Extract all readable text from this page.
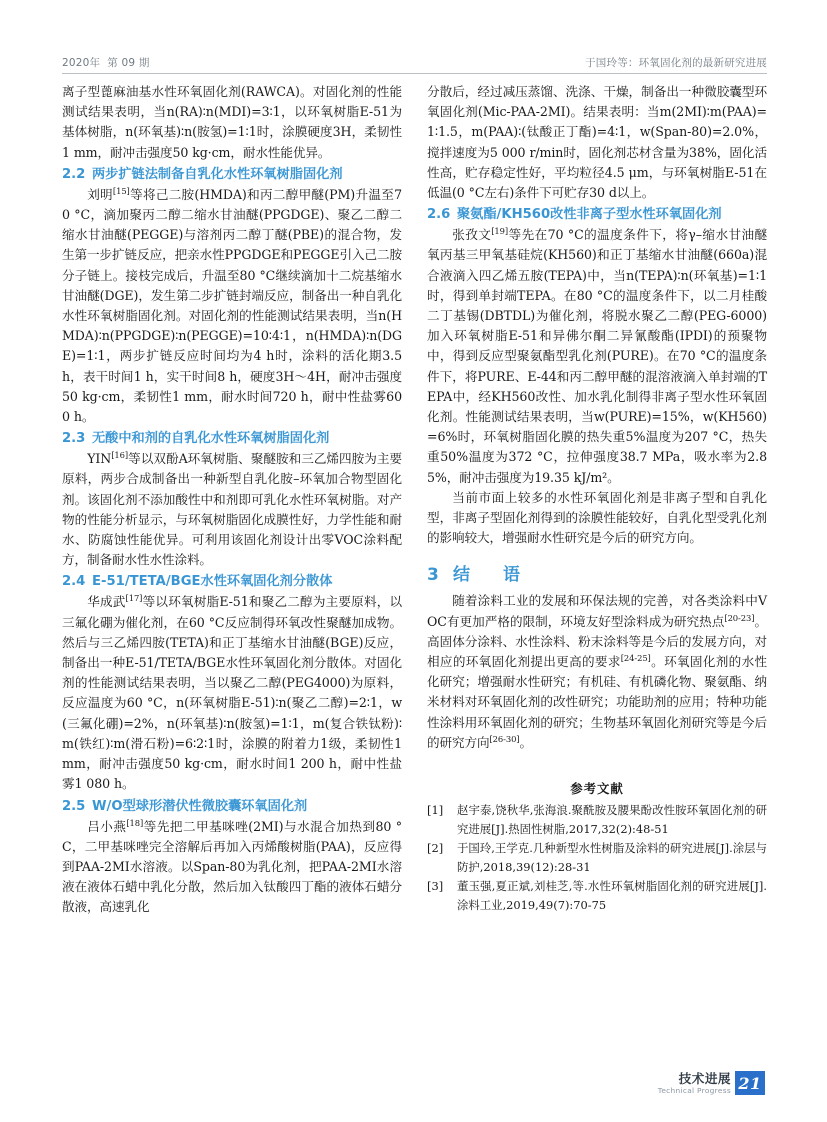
2020年  第 09 期	于国玲等：环氧固化剂的最新研究进展

离子型蓖麻油基水性环氧固化剂(RAWCA)。对固化剂的性能测试结果表明，当n(RA)∶n(MDI)=3∶1，以环氧树脂E-51为基体树脂，n(环氧基)∶n(胺氢)=1∶1时，涂膜硬度3H，柔韧性1 mm，耐冲击强度50 kg·cm，耐水性能优异。

2.2 两步扩链法制备自乳化水性环氧树脂固化剂

刘明[15]等将己二胺(HMDA)和丙二醇甲醚(PM)升温至70 °C，滴加聚丙二醇二缩水甘油醚(PPGDGE)、聚乙二醇二缩水甘油醚(PEGGE)与溶剂丙二醇丁醚(PBE)的混合物，发生第一步扩链反应，把亲水性PPGDGE和PEGGE引入己二胺分子链上。接枝完成后，升温至80 °C继续滴加十二烷基缩水甘油醚(DGE)，发生第二步扩链封端反应，制备出一种自乳化水性环氧树脂固化剂。对固化剂的性能测试结果表明，当n(HMDA)∶n(PPGDGE)∶n(PEGGE)=10∶4∶1，n(HMDA)∶n(DGE)=1∶1，两步扩链反应时间均为4 h时，涂料的活化期3.5 h，表干时间1 h，实干时间8 h，硬度3H～4H，耐冲击强度50 kg·cm，柔韧性1 mm，耐水时间720 h，耐中性盐雾600 h。

2.3 无酸中和剂的自乳化水性环氧树脂固化剂

YIN[16]等以双酚A环氧树脂、聚醚胺和三乙烯四胺为主要原料，两步合成制备出一种新型自乳化胺–环氧加合物型固化剂。该固化剂不添加酸性中和剂即可乳化水性环氧树脂。对产物的性能分析显示，与环氧树脂固化成膜性好，力学性能和耐水、防腐蚀性能优异。可利用该固化剂设计出零VOC涂料配方，制备耐水性水性涂料。

2.4 E-51/TETA/BGE水性环氧固化剂分散体

华成武[17]等以环氧树脂E-51和聚乙二醇为主要原料，以三氟化硼为催化剂，在60 °C反应制得环氧改性聚醚加成物。然后与三乙烯四胺(TETA)和正丁基缩水甘油醚(BGE)反应，制备出一种E-51/TETA/BGE水性环氧固化剂分散体。对固化剂的性能测试结果表明，当以聚乙二醇(PEG4000)为原料，反应温度为60 °C，n(环氧树脂E-51)∶n(聚乙二醇)=2∶1，w(三氟化硼)=2%，n(环氧基)∶n(胺氢)=1∶1，m(复合铁钛粉)∶m(铁红)∶m(滑石粉)=6∶2∶1时，涂膜的附着力1级，柔韧性1 mm，耐冲击强度50 kg·cm，耐水时间1 200 h，耐中性盐雾1 080 h。

2.5 W/O型球形潜伏性微胶囊环氧固化剂

吕小燕[18]等先把二甲基咪唑(2MI)与水混合加热到80 °C，二甲基咪唑完全溶解后再加入丙烯酸树脂(PAA)，反应得到PAA-2MI水溶液。以Span-80为乳化剂，把PAA-2MI水溶液在液体石蜡中乳化分散，然后加入钛酸四丁酯的液体石蜡分散液，高速乳化

分散后，经过减压蒸馏、洗涤、干燥，制备出一种微胶囊型环氧固化剂(Mic-PAA-2MI)。结果表明：当m(2MI)∶m(PAA)=1∶1.5，m(PAA)∶(钛酸正丁酯)=4∶1，w(Span-80)=2.0%，搅拌速度为5 000 r/min时，固化剂芯材含量为38%，固化活性高，贮存稳定性好，平均粒径4.5 μm，与环氧树脂E-51在低温(0 °C左右)条件下可贮存30 d以上。

2.6 聚氨酯/KH560改性非离子型水性环氧固化剂

张孜文[19]等先在70 °C的温度条件下，将γ–缩水甘油醚氧丙基三甲氧基硅烷(KH560)和正丁基缩水甘油醚(660a)混合液滴入四乙烯五胺(TEPA)中，当n(TEPA)∶n(环氧基)=1∶1时，得到单封端TEPA。在80 °C的温度条件下，以二月桂酸二丁基锡(DBTDL)为催化剂，将脱水聚乙二醇(PEG-6000)加入环氧树脂E-51和异佛尔酮二异氰酸酯(IPDI)的预聚物中，得到反应型聚氨酯型乳化剂(PURE)。在70 °C的温度条件下，将PURE、E-44和丙二醇甲醚的混溶液滴入单封端的TEPA中，经KH560改性、加水乳化制得非离子型水性环氧固化剂。性能测试结果表明，当w(PURE)=15%，w(KH560)=6%时，环氧树脂固化膜的热失重5%温度为207 °C，热失重50%温度为372 °C，拉伸强度38.7 MPa，吸水率为2.85%，耐冲击强度为19.35 kJ/m²。

当前市面上较多的水性环氧固化剂是非离子型和自乳化型，非离子型固化剂得到的涂膜性能较好，自乳化型受乳化剂的影响较大，增强耐水性研究是今后的研究方向。

3 结　语

随着涂料工业的发展和环保法规的完善，对各类涂料中VOC有更加严格的限制，环境友好型涂料成为研究热点[20-23]。高固体分涂料、水性涂料、粉末涂料等是今后的发展方向，对相应的环氧固化剂提出更高的要求[24-25]。环氧固化剂的水性化研究；增强耐水性研究；有机硅、有机磷化物、聚氨酯、纳米材料对环氧固化剂的改性研究；功能助剂的应用；特种功能性涂料用环氧固化剂的研究；生物基环氧固化剂研究等是今后的研究方向[26-30]。

参考文献
[1]	赵宇泰,饶秋华,张海浪.聚酰胺及腰果酚改性胺环氧固化剂的研究进展[J].热固性树脂,2017,32(2):48-51
[2]	于国玲,王学克.几种新型水性树脂及涂料的研究进展[J].涂层与防护,2018,39(12):28-31
[3]	董玉强,夏正斌,刘桂芝,等.水性环氧树脂固化剂的研究进展[J].涂料工业,2019,49(7):70-75
技术进展
Technical Progress 21
